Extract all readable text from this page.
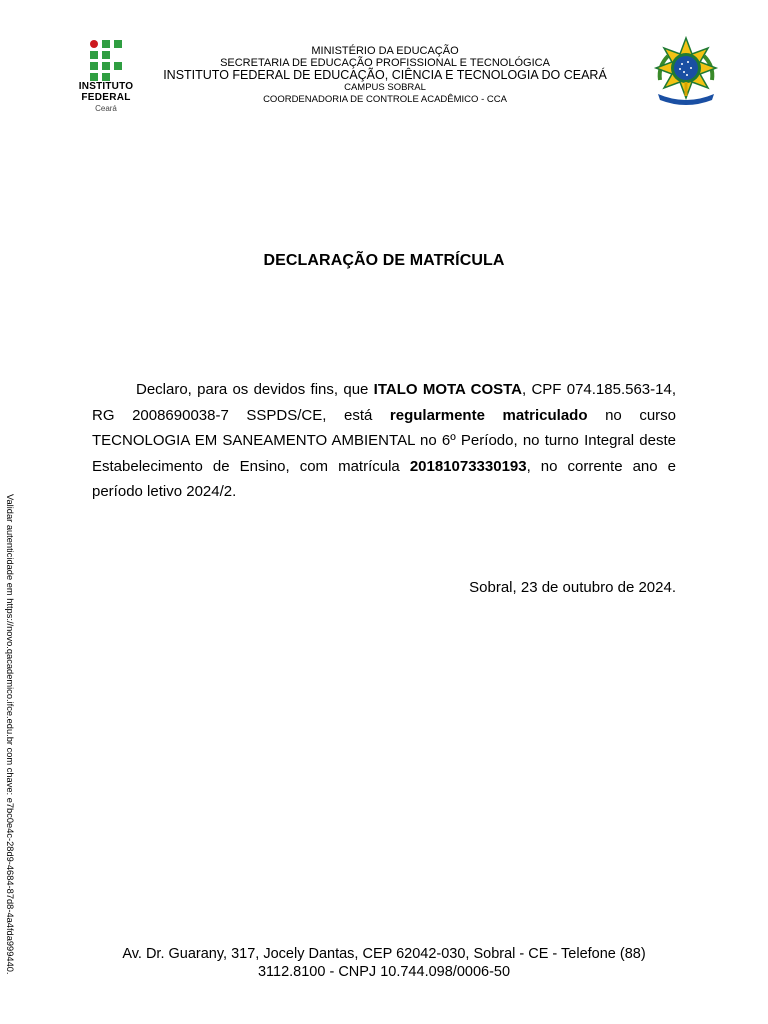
INSTITUTO
FEDERAL
Ceará
MINISTÉRIO DA EDUCAÇÃO
SECRETARIA DE EDUCAÇÃO PROFISSIONAL E TECNOLÓGICA
INSTITUTO FEDERAL DE EDUCAÇÃO, CIÊNCIA E TECNOLOGIA DO CEARÁ
CAMPUS SOBRAL
COORDENADORIA DE CONTROLE ACADÊMICO - CCA
DECLARAÇÃO DE MATRÍCULA
Declaro, para os devidos fins, que ITALO MOTA COSTA, CPF 074.185.563-14, RG 2008690038-7 SSPDS/CE, está regularmente matriculado no curso TECNOLOGIA EM SANEAMENTO AMBIENTAL no 6º Período, no turno Integral deste Estabelecimento de Ensino, com matrícula 20181073330193, no corrente ano e período letivo 2024/2.
Sobral, 23 de outubro de 2024.
Validar autenticidade em https://novo.qacademico.ifce.edu.br com chave: e7bc0e4c-28d9-4684-87d8-4a4fda999440.	Av. Dr. Guarany, 317, Jocely Dantas, CEP 62042-030, Sobral - CE - Telefone (88)
3112.8100 - CNPJ 10.744.098/0006-50
